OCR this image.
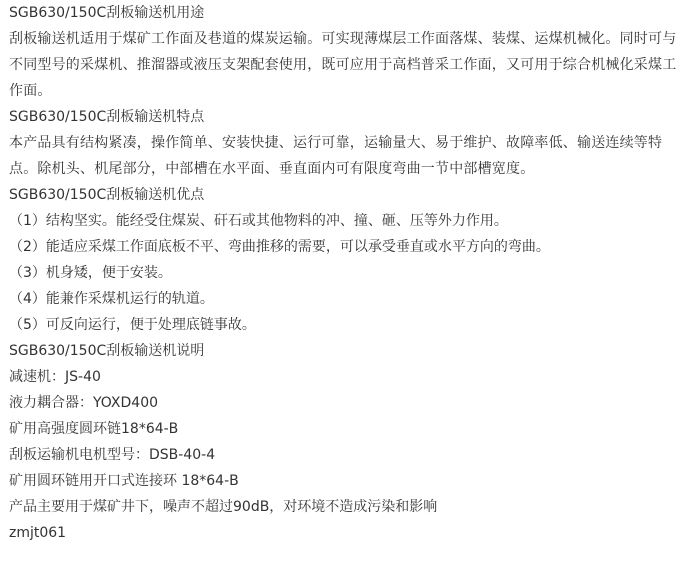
SGB630/150C刮板输送机用途
刮板输送机适用于煤矿工作面及巷道的煤炭运输。可实现薄煤层工作面落煤、装煤、运煤机械化。同时可与不同型号的采煤机、推溜器或液压支架配套使用，既可应用于高档普采工作面，又可用于综合机械化采煤工作面。
SGB630/150C刮板输送机特点
本产品具有结构紧凑，操作简单、安装快捷、运行可靠，运输量大、易于维护、故障率低、输送连续等特点。除机头、机尾部分，中部槽在水平面、垂直面内可有限度弯曲一节中部槽宽度。
SGB630/150C刮板输送机优点
（1）结构坚实。能经受住煤炭、矸石或其他物料的冲、撞、砸、压等外力作用。
（2）能适应采煤工作面底板不平、弯曲推移的需要，可以承受垂直或水平方向的弯曲。
（3）机身矮，便于安装。
（4）能兼作采煤机运行的轨道。
（5）可反向运行，便于处理底链事故。
SGB630/150C刮板输送机说明
减速机：JS-40
液力耦合器：YOXD400
矿用高强度圆环链18*64-B
刮板运输机电机型号：DSB-40-4
矿用圆环链用开口式连接环 18*64-B
产品主要用于煤矿井下，噪声不超过90dB，对环境不造成污染和影响
zmjt061
